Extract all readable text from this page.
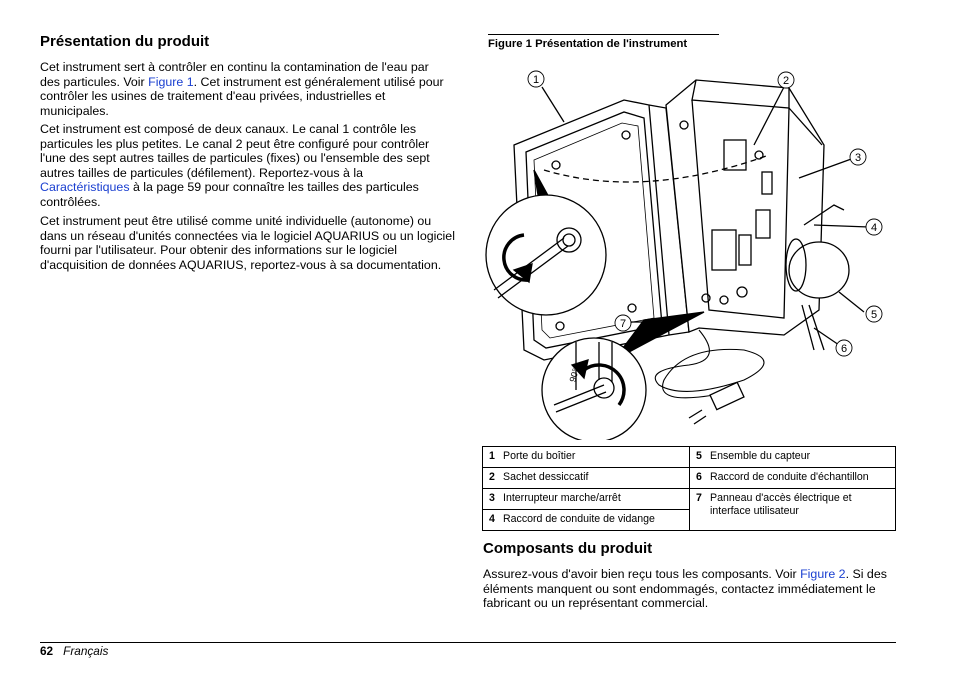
Présentation du produit

Cet instrument sert à contrôler en continu la contamination de l'eau par des particules. Voir Figure 1. Cet instrument est généralement utilisé pour contrôler les usines de traitement d'eau privées, industrielles et municipales.

Cet instrument est composé de deux canaux. Le canal 1 contrôle les particules les plus petites. Le canal 2 peut être configuré pour contrôler l'une des sept autres tailles de particules (fixes) ou l'ensemble des sept autres tailles de particules (défilement). Reportez-vous à la Caractéristiques à la page 59 pour connaître les tailles des particules contrôlées.

Cet instrument peut être utilisé comme unité individuelle (autonome) ou dans un réseau d'unités connectées via le logiciel AQUARIUS ou un logiciel fourni par l'utilisateur. Pour obtenir des informations sur le logiciel d'acquisition de données AQUARIUS, reportez-vous à sa documentation.

Figure 1 Présentation de l'instrument
1	2
3
4
5
6
7
90°
1 Porte du boîtier	5 Ensemble du capteur
2 Sachet dessiccatif	6 Raccord de conduite d'échantillon
3 Interrupteur marche/arrêt	7 Panneau d'accès électrique et interface utilisateur

4 Raccord de conduite de vidange	
Composants du produit

Assurez-vous d'avoir bien reçu tous les composants. Voir Figure 2. Si des éléments manquent ou sont endommagés, contactez immédiatement le fabricant ou un représentant commercial.

62 Français
